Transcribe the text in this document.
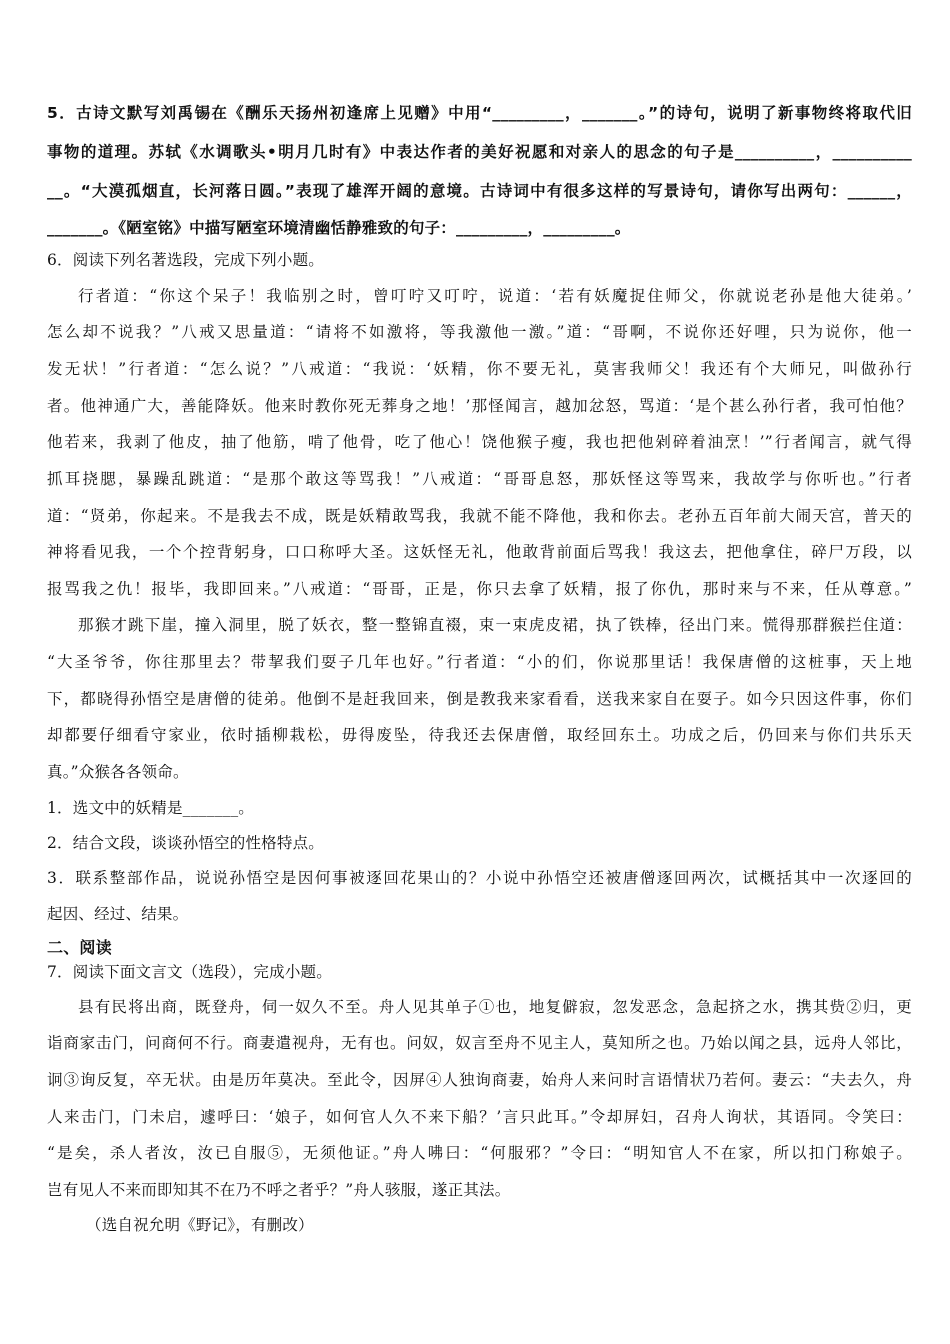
5．古诗文默写刘禹锡在《酬乐天扬州初逢席上见赠》中用“_________，_______。”的诗句，说明了新事物终将取代旧
事物的道理。苏轼《水调歌头•明月几时有》中表达作者的美好祝愿和对亲人的思念的句子是__________，__________
__。“大漠孤烟直，长河落日圆。”表现了雄浑开阔的意境。古诗词中有很多这样的写景诗句，请你写出两句：______，
_______。《陋室铭》中描写陋室环境清幽恬静雅致的句子：_________，_________。
6．阅读下列名著选段，完成下列小题。
行者道：“你这个呆子！我临别之时，曾叮咛又叮咛，说道：‘若有妖魔捉住师父，你就说老孙是他大徒弟。’
怎么却不说我？”八戒又思量道：“请将不如激将，等我激他一激。”道：“哥啊，不说你还好哩，只为说你，他一
发无状！”行者道：“怎么说？”八戒道：“我说：‘妖精，你不要无礼，莫害我师父！我还有个大师兄，叫做孙行
者。他神通广大，善能降妖。他来时教你死无葬身之地！’那怪闻言，越加忿怒，骂道：‘是个甚么孙行者，我可怕他？
他若来，我剥了他皮，抽了他筋，啃了他骨，吃了他心！饶他猴子瘦，我也把他剁碎着油烹！’”行者闻言，就气得
抓耳挠腮，暴躁乱跳道：“是那个敢这等骂我！”八戒道：“哥哥息怒，那妖怪这等骂来，我故学与你听也。”行者
道：“贤弟，你起来。不是我去不成，既是妖精敢骂我，我就不能不降他，我和你去。老孙五百年前大闹天宫，普天的
神将看见我，一个个控背躬身，口口称呼大圣。这妖怪无礼，他敢背前面后骂我！我这去，把他拿住，碎尸万段，以
报骂我之仇！报毕，我即回来。”八戒道：“哥哥，正是，你只去拿了妖精，报了你仇，那时来与不来，任从尊意。”
那猴才跳下崖，撞入洞里，脱了妖衣，整一整锦直裰，束一束虎皮裙，执了铁棒，径出门来。慌得那群猴拦住道：
“大圣爷爷，你往那里去？带挈我们耍子几年也好。”行者道：“小的们，你说那里话！我保唐僧的这桩事，天上地
下，都晓得孙悟空是唐僧的徒弟。他倒不是赶我回来，倒是教我来家看看，送我来家自在耍子。如今只因这件事，你们
却都要仔细看守家业，依时插柳栽松，毋得废坠，待我还去保唐僧，取经回东土。功成之后，仍回来与你们共乐天
真。”众猴各各领命。
1．选文中的妖精是_______。
2．结合文段，谈谈孙悟空的性格特点。
3．联系整部作品，说说孙悟空是因何事被逐回花果山的？小说中孙悟空还被唐僧逐回两次，试概括其中一次逐回的
起因、经过、结果。
二、阅读
7．阅读下面文言文（选段），完成小题。
县有民将出商，既登舟，伺一奴久不至。舟人见其单子①也，地复僻寂，忽发恶念，急起挤之水，携其赀②归，更
诣商家击门，问商何不行。商妻遣视舟，无有也。问奴，奴言至舟不见主人，莫知所之也。乃始以闻之县，远舟人邻比，
诇③询反复，卒无状。由是历年莫决。至此令，因屏④人独询商妻，始舟人来问时言语情状乃若何。妻云：“夫去久，舟
人来击门，门未启，遽呼曰：‘娘子，如何官人久不来下船？’言只此耳。”令却屏妇，召舟人询状，其语同。令笑曰：
“是矣，杀人者汝，汝已自服⑤，无须他证。”舟人咈曰：“何服邪？”令曰：“明知官人不在家，所以扣门称娘子。
岂有见人不来而即知其不在乃不呼之者乎？”舟人骇服，遂正其法。
（选自祝允明《野记》，有删改）
